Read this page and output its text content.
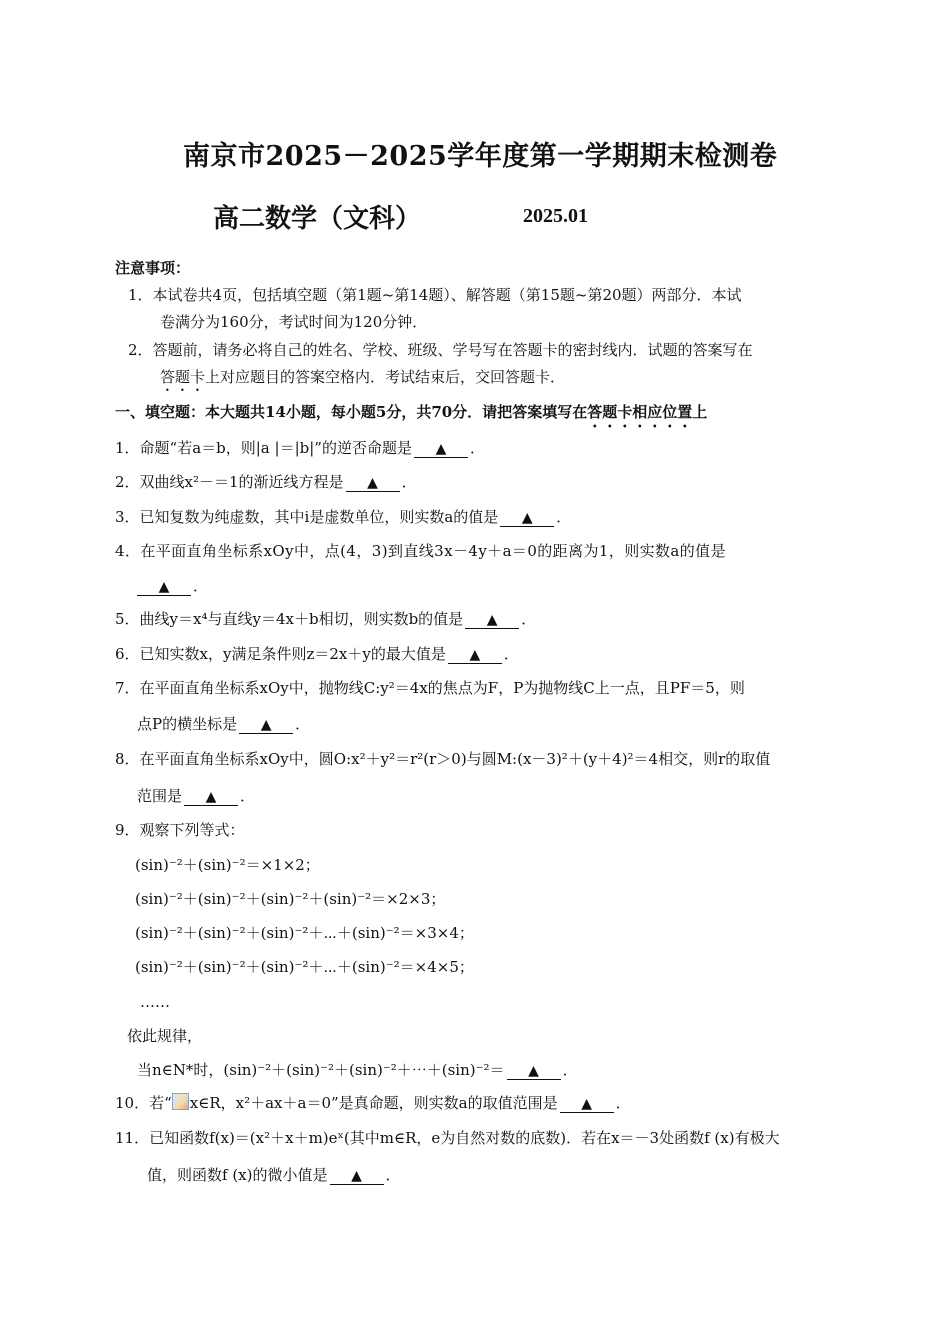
南京市2025－2025学年度第一学期期末检测卷
高二数学（文科）	2025.01
注意事项：
1．本试卷共4页，包括填空题（第1题~第14题）、解答题（第15题~第20题）两部分．本试
卷满分为160分，考试时间为120分钟．
2．答题前，请务必将自己的姓名、学校、班级、学号写在答题卡的密封线内．试题的答案写在
答题卡上对应题目的答案空格内．考试结束后，交回答题卡．
一、填空题：本大题共14小题，每小题5分，共70分．请把答案填写在答题卡相应位置上
1．命题“若a＝b，则|a |＝|b|”的逆否命题是 ▲ ．
2．双曲线x²－＝1的渐近线方程是 ▲ ．
3．已知复数为纯虚数，其中i是虚数单位，则实数a的值是 ▲ ．
4．在平面直角坐标系xOy中，点(4，3)到直线3x－4y＋a＝0的距离为1，则实数a的值是
▲ ．
5．曲线y＝x⁴与直线y＝4x＋b相切，则实数b的值是 ▲ ．
6．已知实数x，y满足条件则z＝2x＋y的最大值是 ▲ ．
7．在平面直角坐标系xOy中，抛物线C:y²＝4x的焦点为F，P为抛物线C上一点，且PF＝5，则
点P的横坐标是 ▲ ．
8．在平面直角坐标系xOy中，圆O:x²＋y²＝r²(r＞0)与圆M:(x－3)²＋(y＋4)²＝4相交，则r的取值
范围是 ▲ ．
9．观察下列等式：
(sin)⁻²＋(sin)⁻²＝×1×2；
(sin)⁻²＋(sin)⁻²＋(sin)⁻²＋(sin)⁻²＝×2×3；
(sin)⁻²＋(sin)⁻²＋(sin)⁻²＋⋯＋(sin)⁻²＝×3×4；
(sin)⁻²＋(sin)⁻²＋(sin)⁻²＋⋯＋(sin)⁻²＝×4×5；
……
依此规律，
当n∈N*时，(sin)⁻²＋(sin)⁻²＋(sin)⁻²＋⋯＋(sin)⁻²＝ ▲ ．
10．若“ x∈R，x²＋ax＋a＝0”是真命题，则实数a的取值范围是 ▲ ．
11．已知函数f(x)＝(x²＋x＋m)eˣ(其中m∈R，e为自然对数的底数)．若在x＝－3处函数f (x)有极大
值，则函数f (x)的微小值是 ▲ ．
